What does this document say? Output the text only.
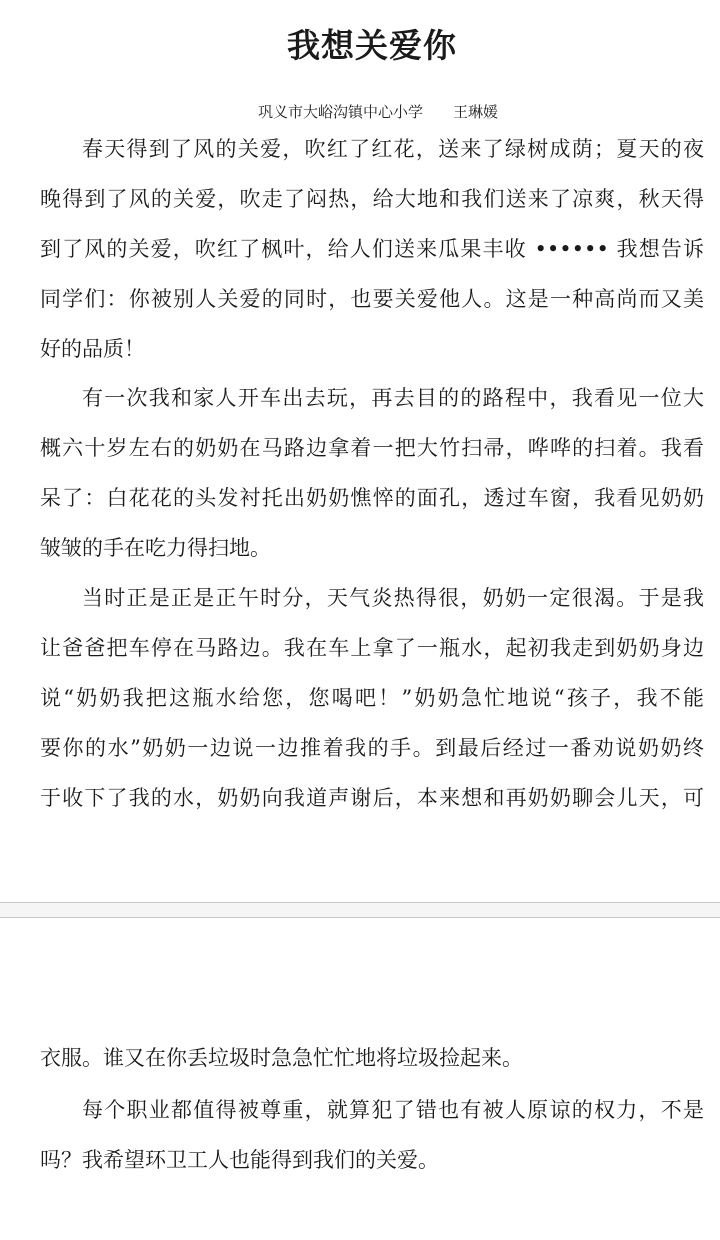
我想关爱你
巩义市大峪沟镇中心小学 王琳媛
春天得到了风的关爱，吹红了红花，送来了绿树成荫；夏天的夜
晚得到了风的关爱，吹走了闷热，给大地和我们送来了凉爽，秋天得
到了风的关爱，吹红了枫叶，给人们送来瓜果丰收 •••••• 我想告诉
同学们：你被别人关爱的同时，也要关爱他人。这是一种高尚而又美
好的品质！
有一次我和家人开车出去玩，再去目的的路程中，我看见一位大
概六十岁左右的奶奶在马路边拿着一把大竹扫帚，哗哗的扫着。我看
呆了：白花花的头发衬托出奶奶憔悴的面孔，透过车窗，我看见奶奶
皱皱的手在吃力得扫地。
当时正是正是正午时分，天气炎热得很，奶奶一定很渴。于是我
让爸爸把车停在马路边。我在车上拿了一瓶水，起初我走到奶奶身边
说“奶奶我把这瓶水给您，您喝吧！”奶奶急忙地说“孩子，我不能
要你的水”奶奶一边说一边推着我的手。到最后经过一番劝说奶奶终
于收下了我的水，奶奶向我道声谢后，本来想和再奶奶聊会儿天，可
衣服。谁又在你丢垃圾时急急忙忙地将垃圾捡起来。
每个职业都值得被尊重，就算犯了错也有被人原谅的权力，不是
吗？我希望环卫工人也能得到我们的关爱。
